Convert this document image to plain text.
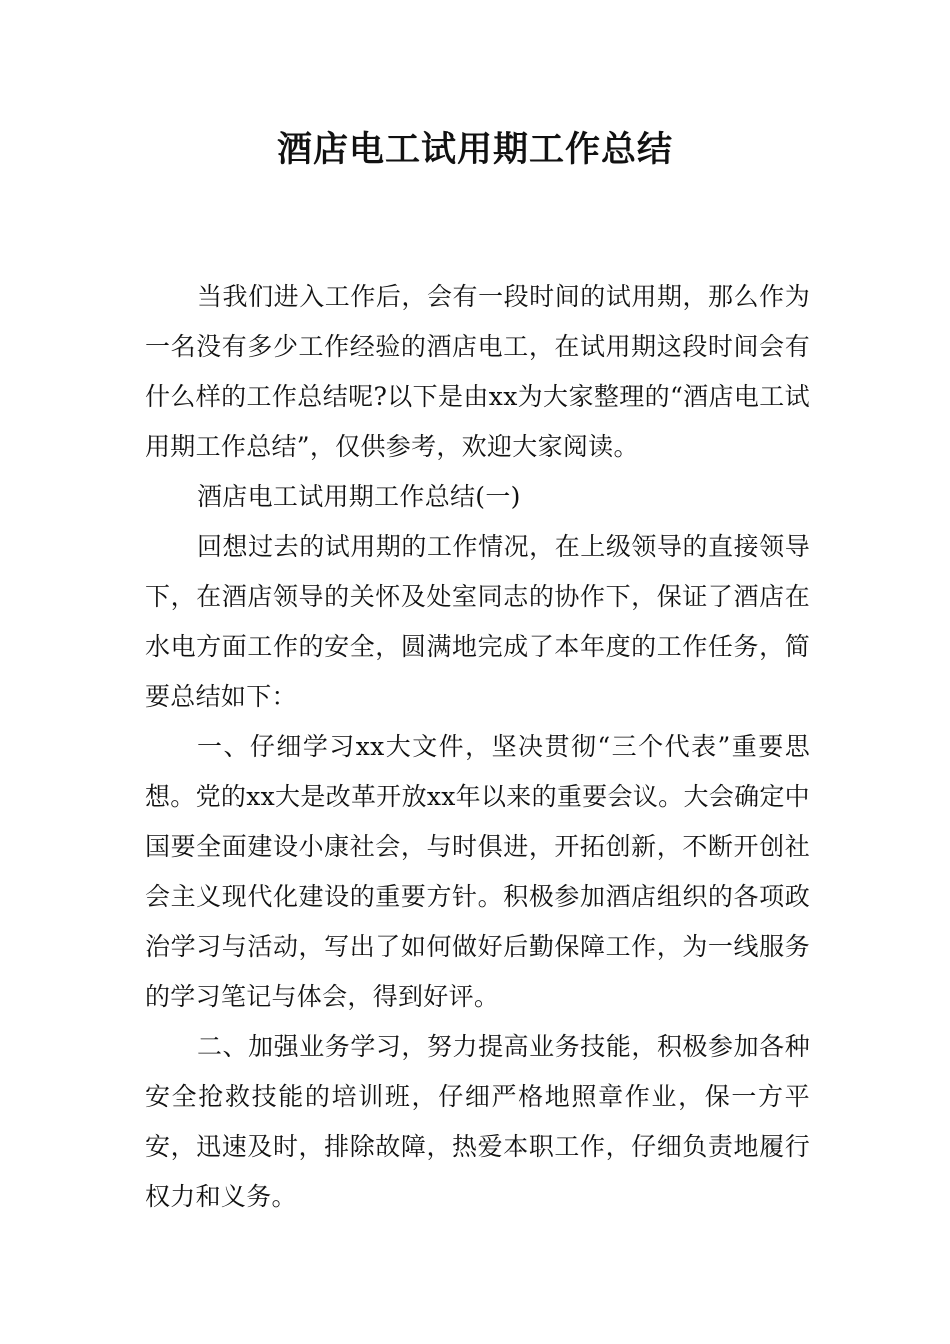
酒店电工试用期工作总结

当我们进入工作后，会有一段时间的试用期，那么作为一名没有多少工作经验的酒店电工，在试用期这段时间会有什么样的工作总结呢?以下是由xx为大家整理的“酒店电工试用期工作总结”，仅供参考，欢迎大家阅读。

酒店电工试用期工作总结(一)

回想过去的试用期的工作情况，在上级领导的直接领导下，在酒店领导的关怀及处室同志的协作下，保证了酒店在水电方面工作的安全，圆满地完成了本年度的工作任务，简要总结如下：

一、仔细学习xx大文件，坚决贯彻“三个代表”重要思想。党的xx大是改革开放xx年以来的重要会议。大会确定中国要全面建设小康社会，与时俱进，开拓创新，不断开创社会主义现代化建设的重要方针。积极参加酒店组织的各项政治学习与活动，写出了如何做好后勤保障工作，为一线服务的学习笔记与体会，得到好评。

二、加强业务学习，努力提高业务技能，积极参加各种安全抢救技能的培训班，仔细严格地照章作业，保一方平安，迅速及时，排除故障，热爱本职工作，仔细负责地履行权力和义务。
